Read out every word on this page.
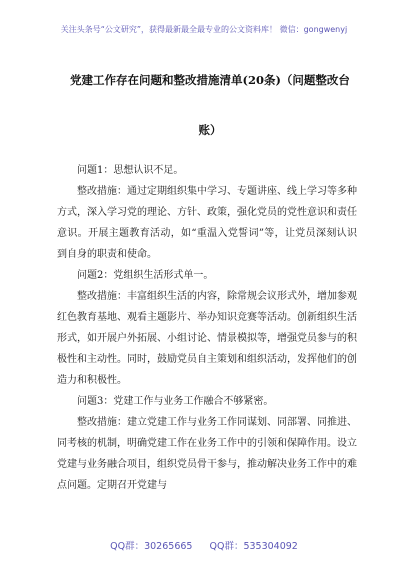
关注头条号“公文研究”，获得最新最全最专业的公文资料库！ 微信：gongwenyj
党建工作存在问题和整改措施清单(20条)（问题整改台
账）

问题1：思想认识不足。

整改措施：通过定期组织集中学习、专题讲座、线上学习等多种方式，深入学习党的理论、方针、政策，强化党员的党性意识和责任意识。开展主题教育活动，如“重温入党誓词”等，让党员深刻认识到自身的职责和使命。

问题2：党组织生活形式单一。

整改措施：丰富组织生活的内容，除常规会议形式外，增加参观红色教育基地、观看主题影片、举办知识竞赛等活动。创新组织生活形式，如开展户外拓展、小组讨论、情景模拟等，增强党员参与的积极性和主动性。同时，鼓励党员自主策划和组织活动，发挥他们的创造力和积极性。

问题3：党建工作与业务工作融合不够紧密。

整改措施：建立党建工作与业务工作同谋划、同部署、同推进、同考核的机制，明确党建工作在业务工作中的引领和保障作用。设立党建与业务融合项目，组织党员骨干参与，推动解决业务工作中的难点问题。定期召开党建与

QQ群：30265665 QQ群：535304092
